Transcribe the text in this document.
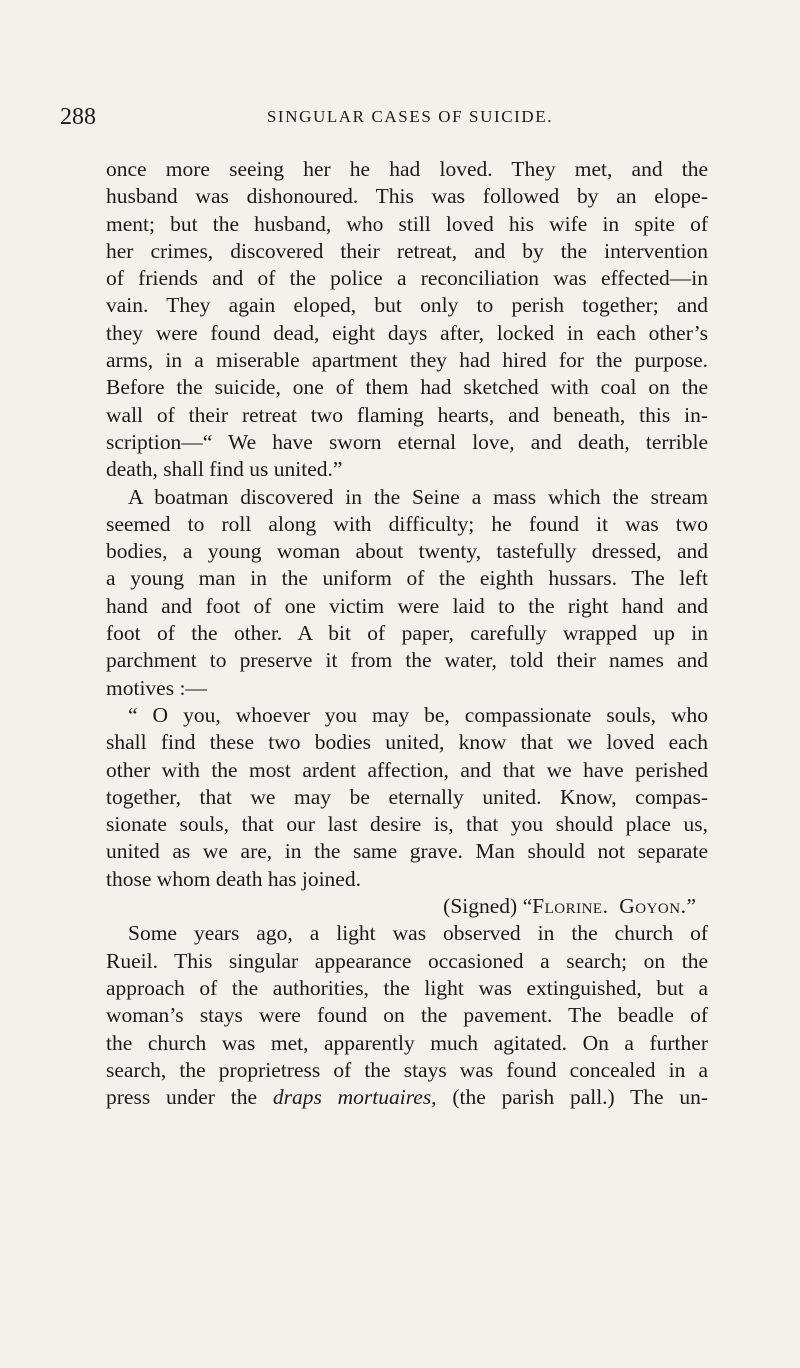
288	SINGULAR CASES OF SUICIDE.
once more seeing her he had loved. They met, and the
husband was dishonoured. This was followed by an elope-
ment; but the husband, who still loved his wife in spite of
her crimes, discovered their retreat, and by the intervention
of friends and of the police a reconciliation was effected—in
vain. They again eloped, but only to perish together; and
they were found dead, eight days after, locked in each other’s
arms, in a miserable apartment they had hired for the purpose.
Before the suicide, one of them had sketched with coal on the
wall of their retreat two flaming hearts, and beneath, this in-
scription—“ We have sworn eternal love, and death, terrible
death, shall find us united.”
A boatman discovered in the Seine a mass which the stream
seemed to roll along with difficulty; he found it was two
bodies, a young woman about twenty, tastefully dressed, and
a young man in the uniform of the eighth hussars. The left
hand and foot of one victim were laid to the right hand and
foot of the other. A bit of paper, carefully wrapped up in
parchment to preserve it from the water, told their names and
motives :—
“ O you, whoever you may be, compassionate souls, who
shall find these two bodies united, know that we loved each
other with the most ardent affection, and that we have perished
together, that we may be eternally united. Know, compas-
sionate souls, that our last desire is, that you should place us,
united as we are, in the same grave. Man should not separate
those whom death has joined.
(Signed) “Florine. Goyon.”
Some years ago, a light was observed in the church of
Rueil. This singular appearance occasioned a search; on the
approach of the authorities, the light was extinguished, but a
woman’s stays were found on the pavement. The beadle of
the church was met, apparently much agitated. On a further
search, the proprietress of the stays was found concealed in a
press under the draps mortuaires, (the parish pall.) The un-
